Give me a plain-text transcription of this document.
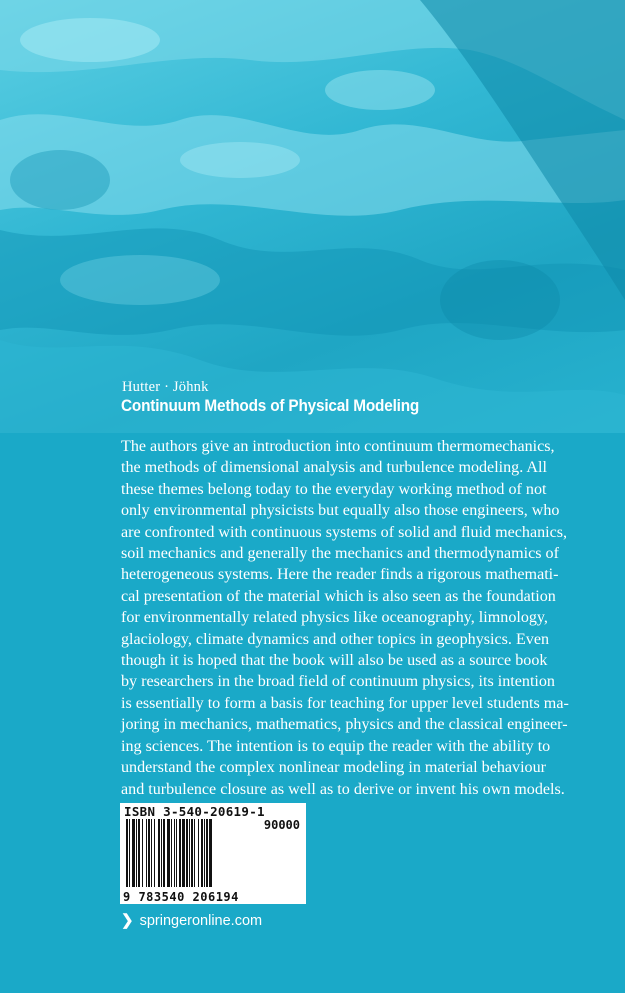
Hutter · Jöhnk
Continuum Methods of Physical Modeling
The authors give an introduction into continuum thermomechanics,
the methods of dimensional analysis and turbulence modeling. All
these themes belong today to the everyday working method of not
only environmental physicists but equally also those engineers, who
are confronted with continuous systems of solid and fluid mechanics,
soil mechanics and generally the mechanics and thermodynamics of
heterogeneous systems. Here the reader finds a rigorous mathemati-
cal presentation of the material which is also seen as the foundation
for environmentally related physics like oceanography, limnology,
glaciology, climate dynamics and other topics in geophysics. Even
though it is hoped that the book will also be used as a source book
by researchers in the broad field of continuum physics, its intention
is essentially to form a basis for teaching for upper level students ma-
joring in mechanics, mathematics, physics and the classical engineer-
ing sciences. The intention is to equip the reader with the ability to
understand the complex nonlinear modeling in material behaviour
and turbulence closure as well as to derive or invent his own models.
ISBN 3-540-20619-1
90000
9 783540 206194
❯ springeronline.com
